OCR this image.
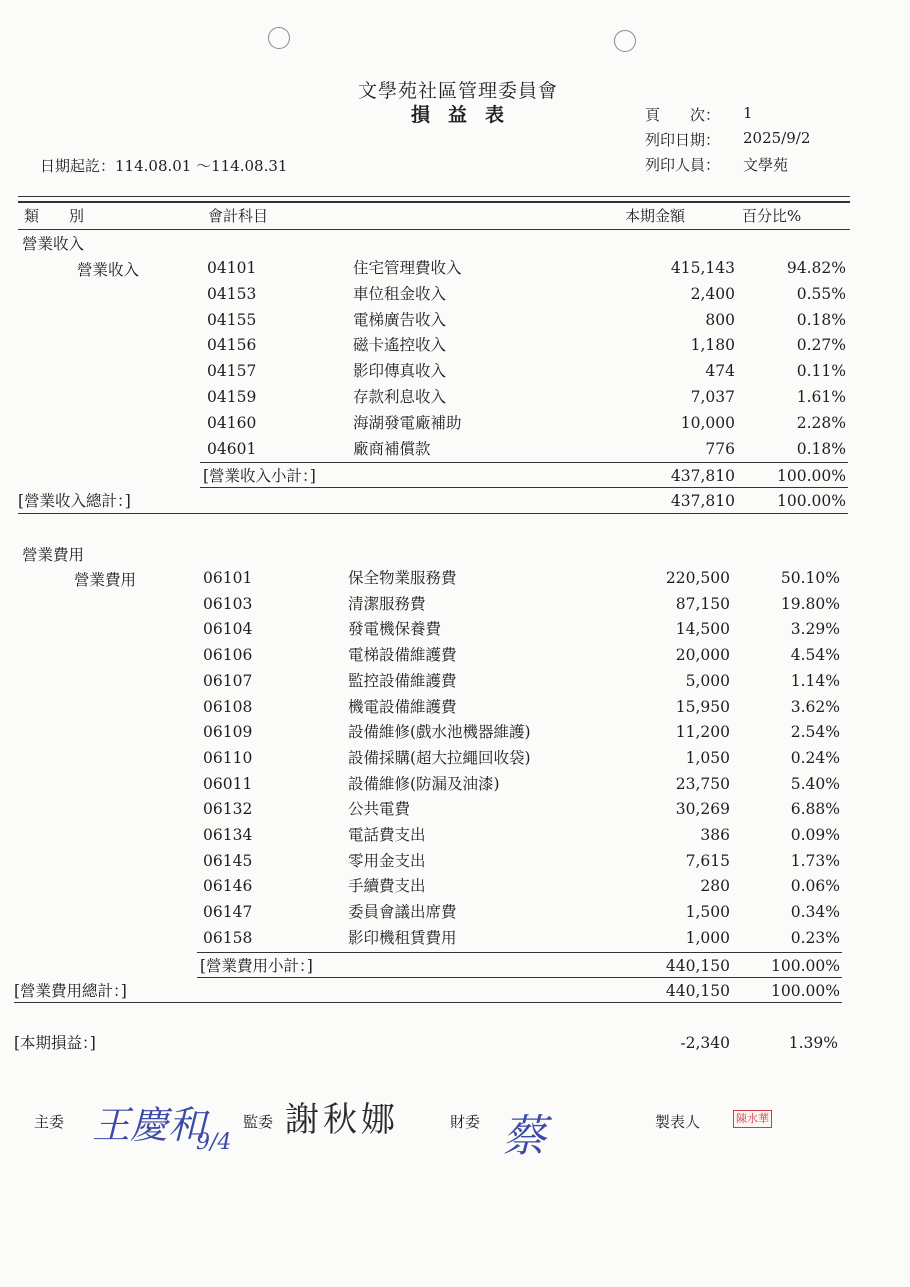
文學苑社區管理委員會
損益表	頁　　次： 1
列印日期： 2025/9/2
列印人員： 文學苑
日期起訖：114.08.01 ～114.08.31
類　　別	會計科目	本期金額	百分比%
營業收入
營業收入	04101	住宅管理費收入	415,143	94.82%
04153	車位租金收入	2,400	0.55%
04155	電梯廣告收入	800	0.18%
04156	磁卡遙控收入	1,180	0.27%
04157	影印傳真收入	474	0.11%
04159	存款利息收入	7,037	1.61%
04160	海湖發電廠補助	10,000	2.28%
04601	廠商補償款	776	0.18%
[營業收入小計：]	437,810	100.00%
[營業收入總計：]	437,810	100.00%
營業費用
營業費用	06101	保全物業服務費	220,500	50.10%
06103	清潔服務費	87,150	19.80%
06104	發電機保養費	14,500	3.29%
06106	電梯設備維護費	20,000	4.54%
06107	監控設備維護費	5,000	1.14%
06108	機電設備維護費	15,950	3.62%
06109	設備維修(戲水池機器維護)	11,200	2.54%
06110	設備採購(超大拉繩回收袋)	1,050	0.24%
06011	設備維修(防漏及油漆)	23,750	5.40%
06132	公共電費	30,269	6.88%
06134	電話費支出	386	0.09%
06145	零用金支出	7,615	1.73%
06146	手續費支出	280	0.06%
06147	委員會議出席費	1,500	0.34%
06158	影印機租賃費用	1,000	0.23%
[營業費用小計：]	440,150	100.00%
[營業費用總計：]	440,150	100.00%
[本期損益：]	-2,340	1.39%
主委 王慶和
9/4
監委 謝秋娜	財委 蔡	製表人	陳水華
